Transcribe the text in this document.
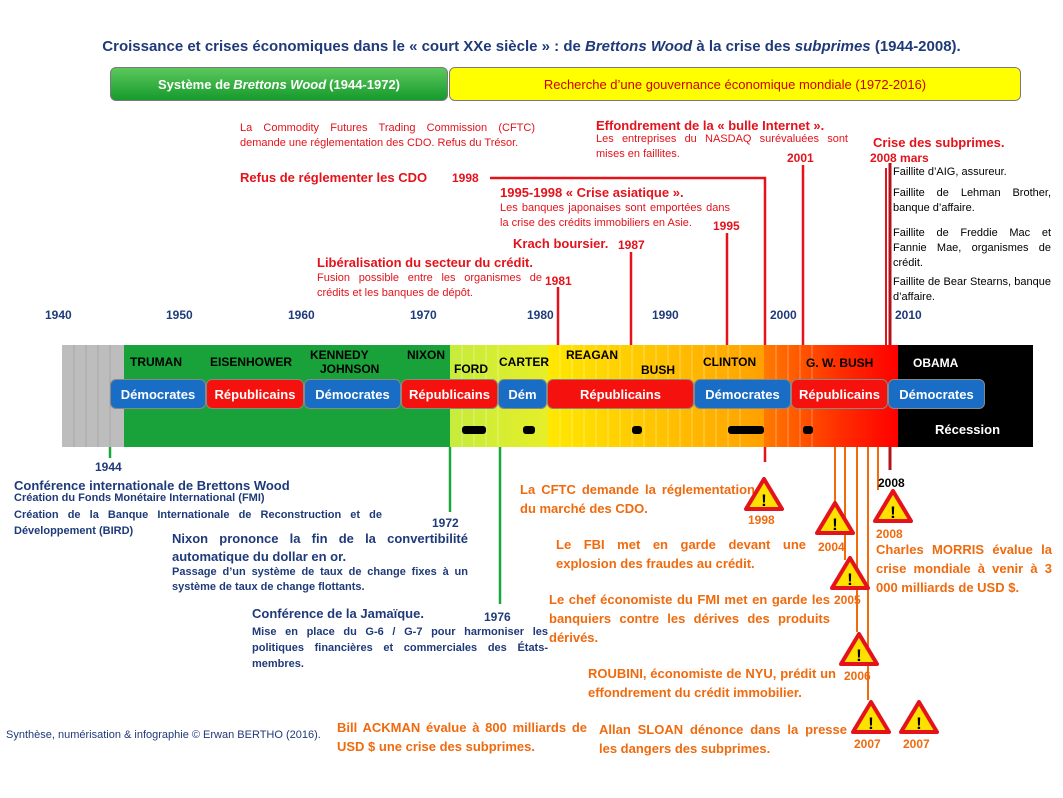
Croissance et crises économiques dans le « court XXe siècle » : de Brettons Wood à la crise des subprimes (1944-2008).
Système de Brettons Wood (1944-1972)	Recherche d’une gouvernance économique mondiale (1972-2016)
1940	1950	1960	1970	1980	1990	2000	2010
TRUMAN EISENHOWER KENNEDY
JOHNSON
NIXON
FORD CARTER REAGAN
BUSH
CLINTON	G. W. BUSH	OBAMA
Démocrates	Républicains	Démocrates	Républicains	Dém	Républicains	Démocrates	Républicains	Démocrates
Récession
La Commodity Futures Trading Commission (CFTC) demande une réglementation des CDO. Refus du Trésor.
Refus de réglementer les CDO 1998
Effondrement de la « bulle Internet ».
Les entreprises du NASDAQ surévaluées sont mises en faillites.	2001
1995-1998 « Crise asiatique ».
Les banques japonaises sont emportées dans la crise des crédits immobiliers en Asie.	1995
Krach boursier. 1987
Libéralisation du secteur du crédit.
Fusion possible entre les organismes de crédits et les banques de dépôt.
1981
Crise des subprimes.
2008 mars
Faillite d’AIG, assureur.
Faillite de Lehman Brother, banque d’affaire.
Faillite de Freddie Mac et Fannie Mae, organismes de crédit.
Faillite de Bear Stearns, banque d’affaire.
1944
Conférence internationale de Brettons Wood
Création du Fonds Monétaire International (FMI)
Création de la Banque Internationale de Reconstruction et de Développement (BIRD)
1972
Nixon prononce la fin de la convertibilité automatique du dollar en or.
Passage d’un système de taux de change fixes à un système de taux de change flottants.
1976
Conférence de la Jamaïque.
Mise en place du G-6 / G-7 pour harmoniser les politiques financières et commerciales des États-membres.
La CFTC demande la réglementation du marché des CDO.
1998
Le FBI met en garde devant une explosion des fraudes au crédit.
2004
Le chef économiste du FMI met en garde les banquiers contre les dérives des produits dérivés.
2005
ROUBINI, économiste de NYU, prédit un effondrement du crédit immobilier.
2006
Bill ACKMAN évalue à 800 milliards de USD $ une crise des subprimes.
Allan SLOAN dénonce dans la presse les dangers des subprimes.	2007 2007
2008
2008
Charles MORRIS évalue la crise mondiale à venir à 3 000 milliards de USD $.
!
!
!
!
!
! !
Synthèse, numérisation & infographie © Erwan BERTHO (2016).
